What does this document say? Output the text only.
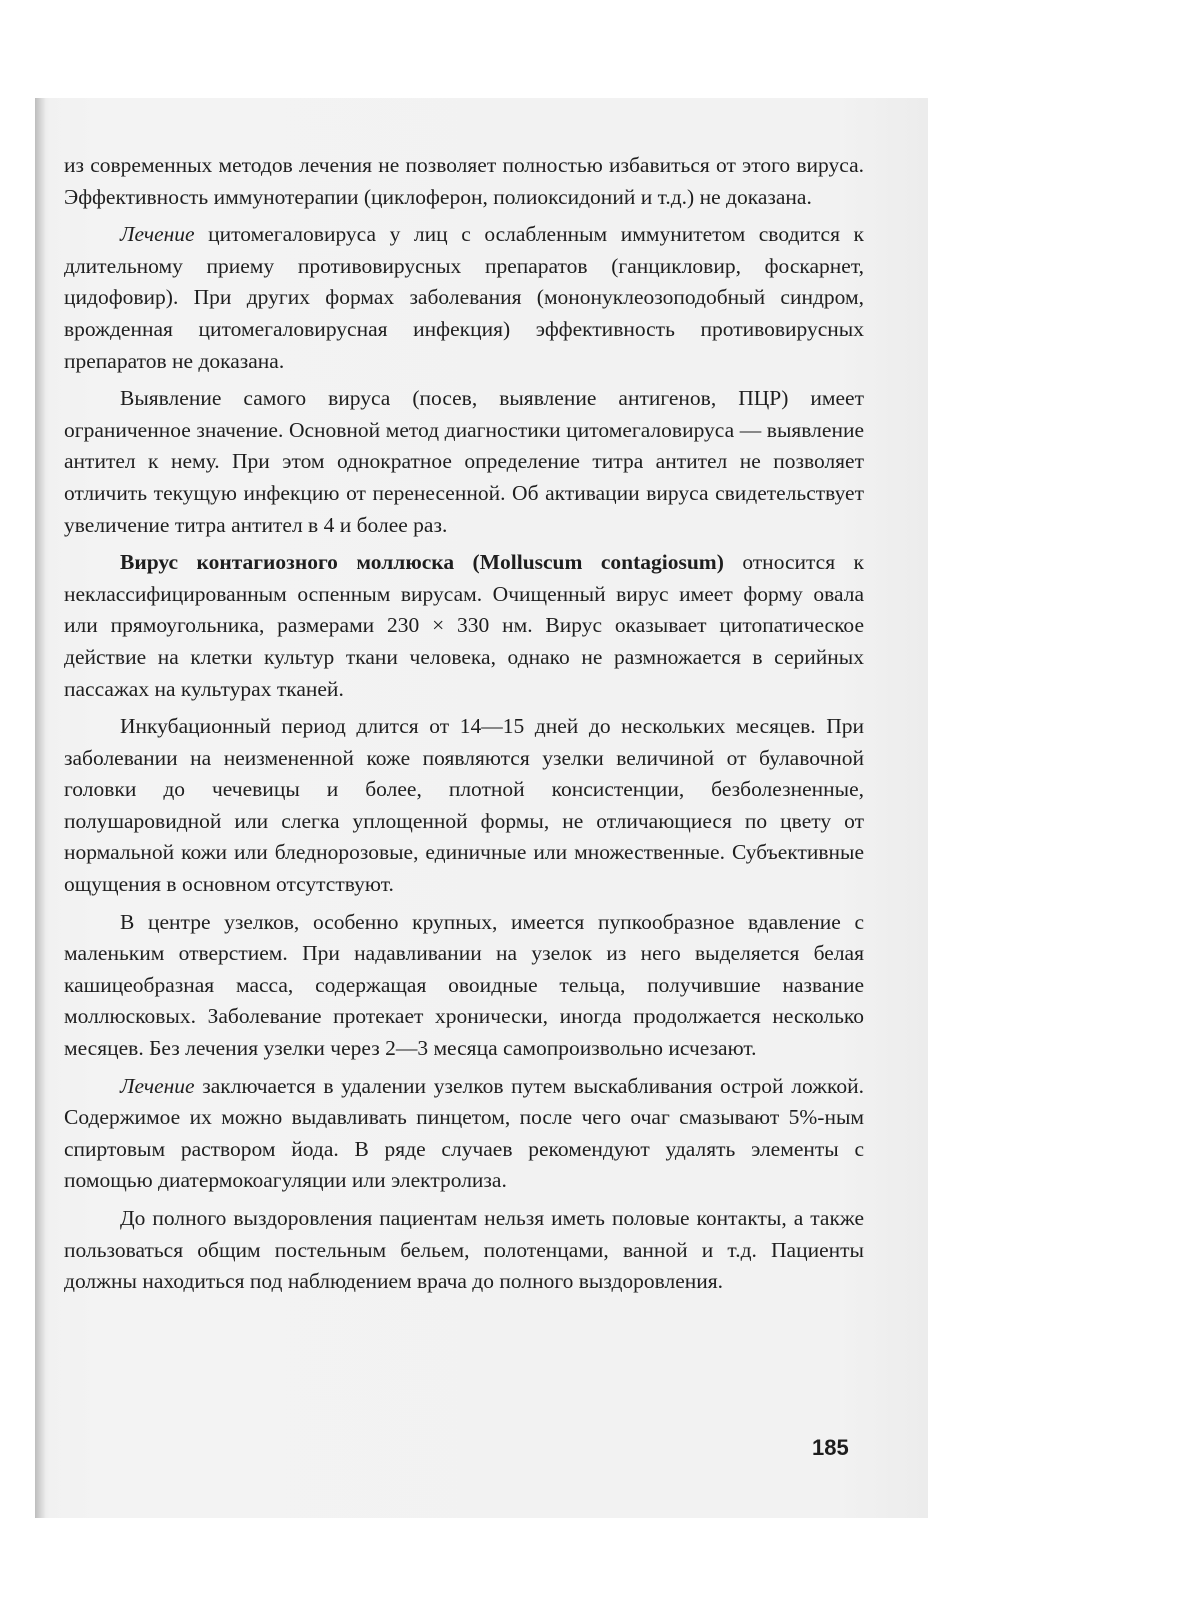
из современных методов лечения не позволяет полностью избавиться от этого вируса. Эффективность иммунотерапии (циклоферон, полиоксидоний и т.д.) не доказана.

Лечение цитомегаловируса у лиц с ослабленным иммунитетом сводится к длительному приему противовирусных препаратов (ганцикловир, фоскарнет, цидофовир). При других формах заболевания (мононуклеозоподобный синдром, врожденная цитомегаловирусная инфекция) эффективность противовирусных препаратов не доказана.

Выявление самого вируса (посев, выявление антигенов, ПЦР) имеет ограниченное значение. Основной метод диагностики цитомегаловируса — выявление антител к нему. При этом однократное определение титра антител не позволяет отличить текущую инфекцию от перенесенной. Об активации вируса свидетельствует увеличение титра антител в 4 и более раз.

Вирус контагиозного моллюска (Molluscum contagiosum) относится к неклассифицированным оспенным вирусам. Очищенный вирус имеет форму овала или прямоугольника, размерами 230 × 330 нм. Вирус оказывает цитопатическое действие на клетки культур ткани человека, однако не размножается в серийных пассажах на культурах тканей.

Инкубационный период длится от 14—15 дней до нескольких месяцев. При заболевании на неизмененной коже появляются узелки величиной от булавочной головки до чечевицы и более, плотной консистенции, безболезненные, полушаровидной или слегка уплощенной формы, не отличающиеся по цвету от нормальной кожи или бледнорозовые, единичные или множественные. Субъективные ощущения в основном отсутствуют.

В центре узелков, особенно крупных, имеется пупкообразное вдавление с маленьким отверстием. При надавливании на узелок из него выделяется белая кашицеобразная масса, содержащая овоидные тельца, получившие название моллюсковых. Заболевание протекает хронически, иногда продолжается несколько месяцев. Без лечения узелки через 2—3 месяца самопроизвольно исчезают.

Лечение заключается в удалении узелков путем выскабливания острой ложкой. Содержимое их можно выдавливать пинцетом, после чего очаг смазывают 5%-ным спиртовым раствором йода. В ряде случаев рекомендуют удалять элементы с помощью диатермокоагуляции или электролиза.

До полного выздоровления пациентам нельзя иметь половые контакты, а также пользоваться общим постельным бельем, полотенцами, ванной и т.д. Пациенты должны находиться под наблюдением врача до полного выздоровления.

185
